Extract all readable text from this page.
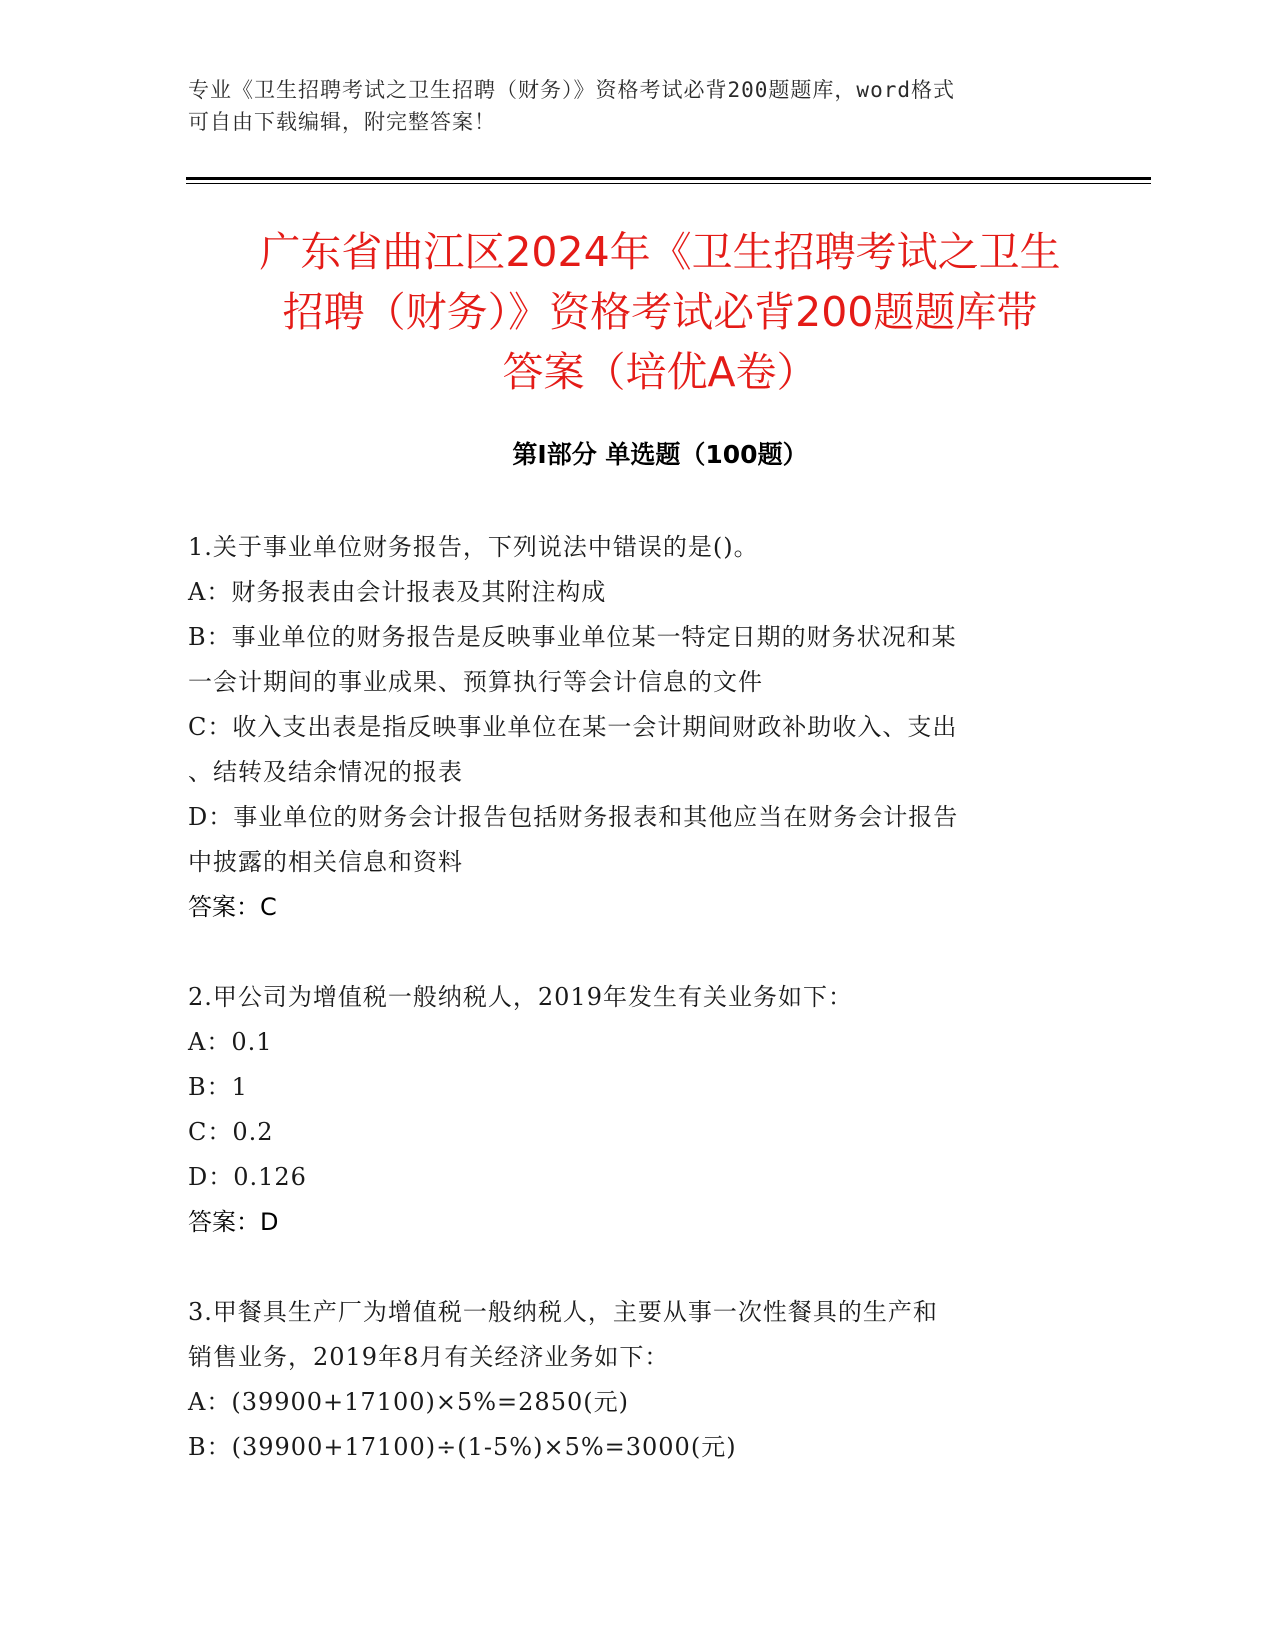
专业《卫生招聘考试之卫生招聘（财务）》资格考试必背200题题库，word格式
可自由下载编辑，附完整答案！
广东省曲江区2024年《卫生招聘考试之卫生
招聘（财务）》资格考试必背200题题库带
答案（培优A卷）
第I部分 单选题（100题）
1.关于事业单位财务报告，下列说法中错误的是()。
A：财务报表由会计报表及其附注构成
B：事业单位的财务报告是反映事业单位某一特定日期的财务状况和某
一会计期间的事业成果、预算执行等会计信息的文件
C：收入支出表是指反映事业单位在某一会计期间财政补助收入、支出
、结转及结余情况的报表
D：事业单位的财务会计报告包括财务报表和其他应当在财务会计报告
中披露的相关信息和资料
答案：C
2.甲公司为增值税一般纳税人，2019年发生有关业务如下：
A：0.1
B：1
C：0.2
D：0.126
答案：D
3.甲餐具生产厂为增值税一般纳税人，主要从事一次性餐具的生产和
销售业务，2019年8月有关经济业务如下：
A：(39900+17100)×5%=2850(元)
B：(39900+17100)÷(1-5%)×5%=3000(元)
